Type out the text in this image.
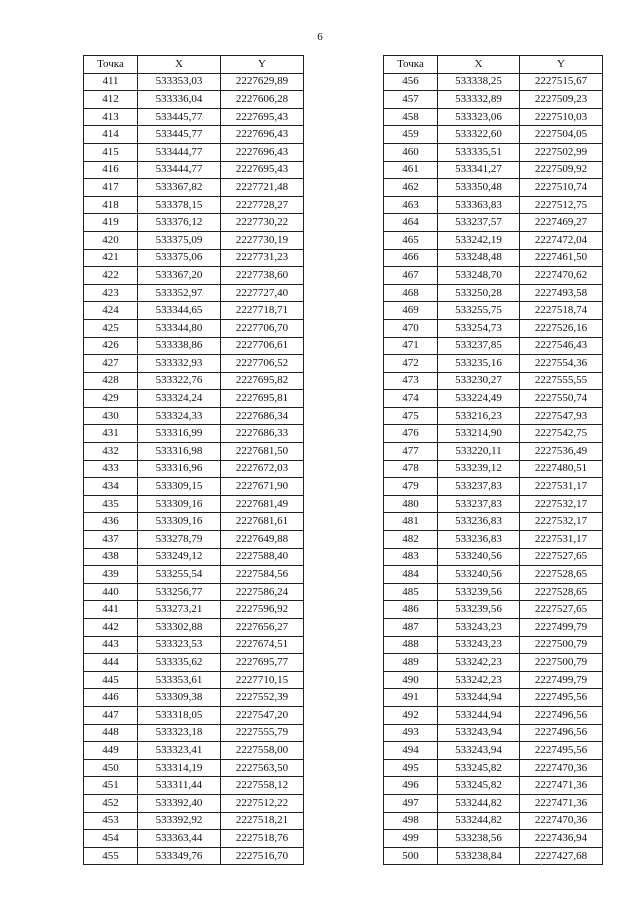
6
Точка	X	Y
411	533353,03	2227629,89
412	533336,04	2227606,28
413	533445,77	2227695,43
414	533445,77	2227696,43
415	533444,77	2227696,43
416	533444,77	2227695,43
417	533367,82	2227721,48
418	533378,15	2227728,27
419	533376,12	2227730,22
420	533375,09	2227730,19
421	533375,06	2227731,23
422	533367,20	2227738,60
423	533352,97	2227727,40
424	533344,65	2227718,71
425	533344,80	2227706,70
426	533338,86	2227706,61
427	533332,93	2227706,52
428	533322,76	2227695,82
429	533324,24	2227695,81
430	533324,33	2227686,34
431	533316,99	2227686,33
432	533316,98	2227681,50
433	533316,96	2227672,03
434	533309,15	2227671,90
435	533309,16	2227681,49
436	533309,16	2227681,61
437	533278,79	2227649,88
438	533249,12	2227588,40
439	533255,54	2227584,56
440	533256,77	2227586,24
441	533273,21	2227596,92
442	533302,88	2227656,27
443	533323,53	2227674,51
444	533335,62	2227695,77
445	533353,61	2227710,15
446	533309,38	2227552,39
447	533318,05	2227547,20
448	533323,18	2227555,79
449	533323,41	2227558,00
450	533314,19	2227563,50
451	533311,44	2227558,12
452	533392,40	2227512,22
453	533392,92	2227518,21
454	533363,44	2227518,76
455	533349,76	2227516,70
Точка	X	Y
456	533338,25	2227515,67
457	533332,89	2227509,23
458	533323,06	2227510,03
459	533322,60	2227504,05
460	533335,51	2227502,99
461	533341,27	2227509,92
462	533350,48	2227510,74
463	533363,83	2227512,75
464	533237,57	2227469,27
465	533242,19	2227472,04
466	533248,48	2227461,50
467	533248,70	2227470,62
468	533250,28	2227493,58
469	533255,75	2227518,74
470	533254,73	2227526,16
471	533237,85	2227546,43
472	533235,16	2227554,36
473	533230,27	2227555,55
474	533224,49	2227550,74
475	533216,23	2227547,93
476	533214,90	2227542,75
477	533220,11	2227536,49
478	533239,12	2227480,51
479	533237,83	2227531,17
480	533237,83	2227532,17
481	533236,83	2227532,17
482	533236,83	2227531,17
483	533240,56	2227527,65
484	533240,56	2227528,65
485	533239,56	2227528,65
486	533239,56	2227527,65
487	533243,23	2227499,79
488	533243,23	2227500,79
489	533242,23	2227500,79
490	533242,23	2227499,79
491	533244,94	2227495,56
492	533244,94	2227496,56
493	533243,94	2227496,56
494	533243,94	2227495,56
495	533245,82	2227470,36
496	533245,82	2227471,36
497	533244,82	2227471,36
498	533244,82	2227470,36
499	533238,56	2227436,94
500	533238,84	2227427,68
